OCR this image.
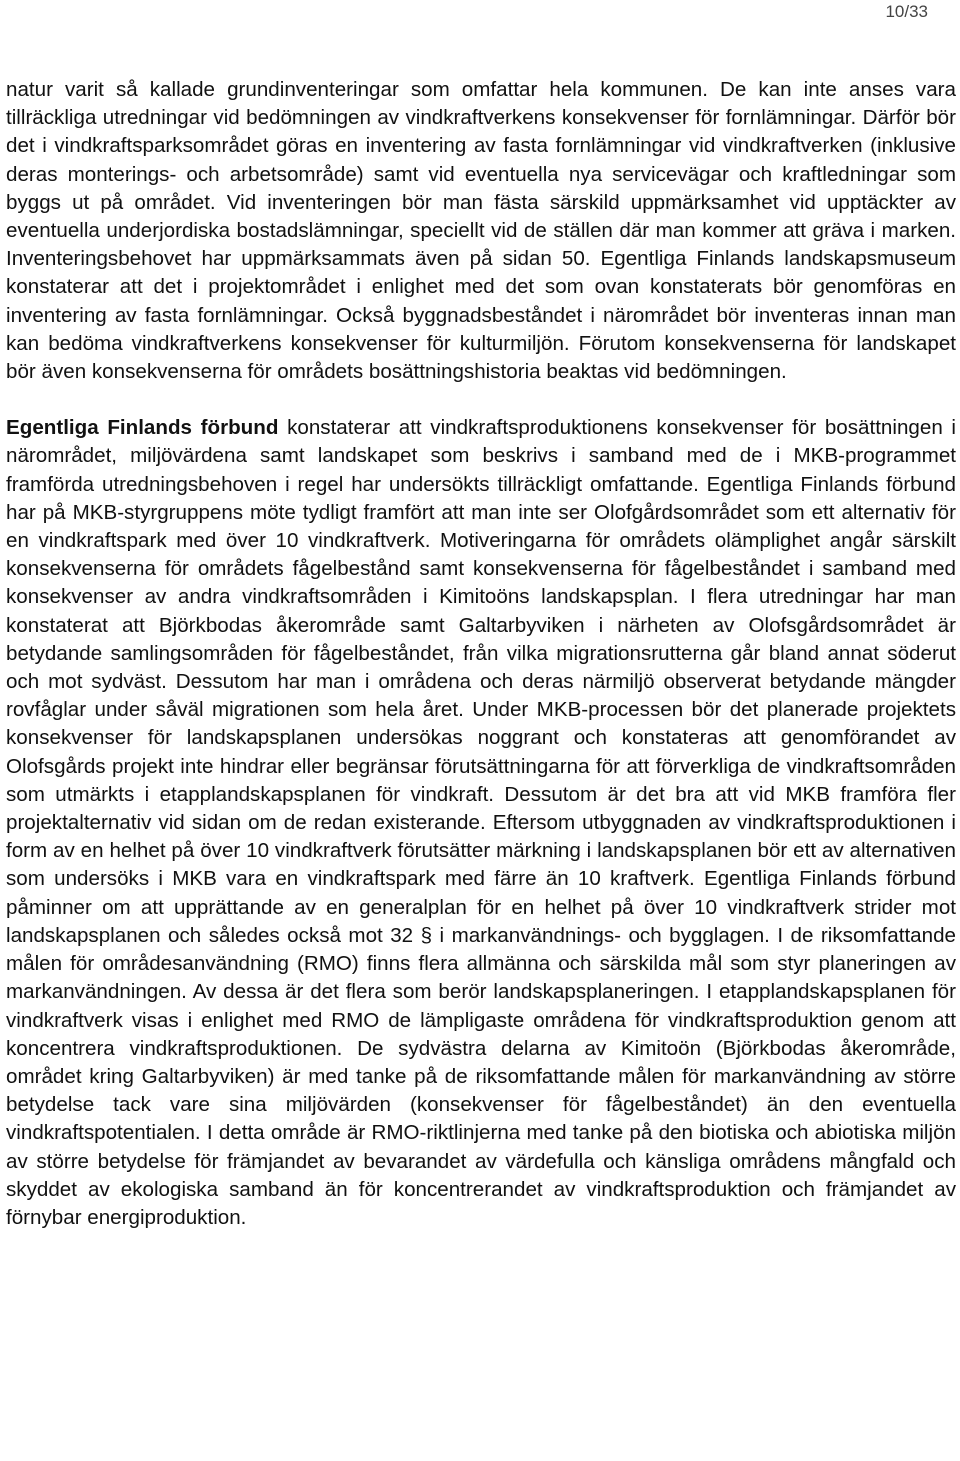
10/33

natur varit så kallade grundinventeringar som omfattar hela kommunen. De kan inte anses vara tillräckliga utredningar vid bedömningen av vindkraftverkens konsekvenser för fornlämningar. Därför bör det i vindkraftsparksområdet göras en inventering av fasta fornlämningar vid vindkraftverken (inklusive deras monterings- och arbetsområde) samt vid eventuella nya servicevägar och kraftledningar som byggs ut på området. Vid inventeringen bör man fästa särskild uppmärksamhet vid upptäckter av eventuella underjordiska bostadslämningar, speciellt vid de ställen där man kommer att gräva i marken. Inventeringsbehovet har uppmärksammats även på sidan 50. Egentliga Finlands landskapsmuseum konstaterar att det i projektområdet i enlighet med det som ovan konstaterats bör genomföras en inventering av fasta fornlämningar. Också byggnadsbeståndet i närområdet bör inventeras innan man kan bedöma vindkraftverkens konsekvenser för kulturmiljön. Förutom konsekvenserna för landskapet bör även konsekvenserna för områdets bosättningshistoria beaktas vid bedömningen.

Egentliga Finlands förbund konstaterar att vindkraftsproduktionens konsekvenser för bosättningen i närområdet, miljövärdena samt landskapet som beskrivs i samband med de i MKB-programmet framförda utredningsbehoven i regel har undersökts tillräckligt omfattande. Egentliga Finlands förbund har på MKB-styrgruppens möte tydligt framfört att man inte ser Olofgårdsområdet som ett alternativ för en vindkraftspark med över 10 vindkraftverk. Motiveringarna för områdets olämplighet angår särskilt konsekvenserna för områdets fågelbestånd samt konsekvenserna för fågelbeståndet i samband med konsekvenser av andra vindkraftsområden i Kimitoöns landskapsplan. I flera utredningar har man konstaterat att Björkbodas åkerområde samt Galtarbyviken i närheten av Olofsgårdsområdet är betydande samlingsområden för fågelbeståndet, från vilka migrationsrutterna går bland annat söderut och mot sydväst. Dessutom har man i områdena och deras närmiljö observerat betydande mängder rovfåglar under såväl migrationen som hela året. Under MKB-processen bör det planerade projektets konsekvenser för landskapsplanen undersökas noggrant och konstateras att genomförandet av Olofsgårds projekt inte hindrar eller begränsar förutsättningarna för att förverkliga de vindkraftsområden som utmärkts i etapplandskapsplanen för vindkraft. Dessutom är det bra att vid MKB framföra fler projektalternativ vid sidan om de redan existerande. Eftersom utbyggnaden av vindkraftsproduktionen i form av en helhet på över 10 vindkraftverk förutsätter märkning i landskapsplanen bör ett av alternativen som undersöks i MKB vara en vindkraftspark med färre än 10 kraftverk. Egentliga Finlands förbund påminner om att upprättande av en generalplan för en helhet på över 10 vindkraftverk strider mot landskapsplanen och således också mot 32 § i markanvändnings- och bygglagen. I de riksomfattande målen för områdesanvändning (RMO) finns flera allmänna och särskilda mål som styr planeringen av markanvändningen. Av dessa är det flera som berör landskapsplaneringen. I etapplandskapsplanen för vindkraftverk visas i enlighet med RMO de lämpligaste områdena för vindkraftsproduktion genom att koncentrera vindkraftsproduktionen. De sydvästra delarna av Kimitoön (Björkbodas åkerområde, området kring Galtarbyviken) är med tanke på de riksomfattande målen för markanvändning av större betydelse tack vare sina miljövärden (konsekvenser för fågelbeståndet) än den eventuella vindkraftspotentialen. I detta område är RMO-riktlinjerna med tanke på den biotiska och abiotiska miljön av större betydelse för främjandet av bevarandet av värdefulla och känsliga områdens mångfald och skyddet av ekologiska samband än för koncentrerandet av vindkraftsproduktion och främjandet av förnybar energiproduktion.
